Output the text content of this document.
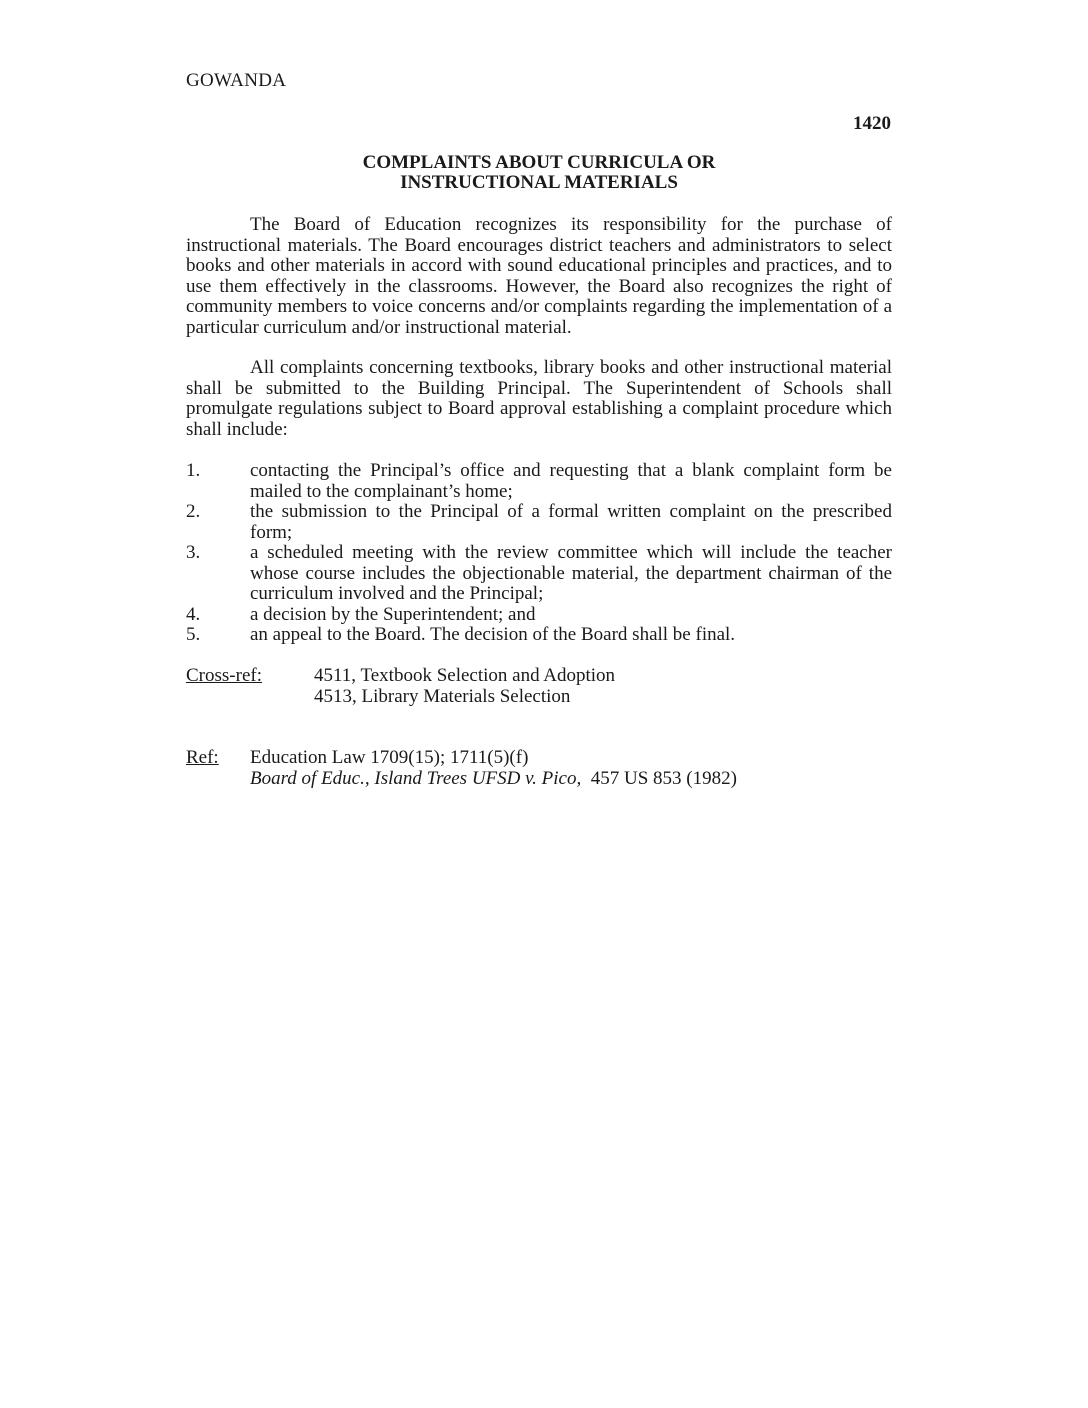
GOWANDA
1420
COMPLAINTS ABOUT CURRICULA OR
INSTRUCTIONAL MATERIALS

The Board of Education recognizes its responsibility for the purchase of instructional materials. The Board encourages district teachers and administrators to select books and other materials in accord with sound educational principles and practices, and to use them effectively in the classrooms. However, the Board also recognizes the right of community members to voice concerns and/or complaints regarding the implementation of a particular curriculum and/or instructional material.

All complaints concerning textbooks, library books and other instructional material shall be submitted to the Building Principal. The Superintendent of Schools shall promulgate regulations subject to Board approval establishing a complaint procedure which shall include:

1.	contacting the Principal’s office and requesting that a blank complaint form be mailed to the complainant’s home;
2.	the submission to the Principal of a formal written complaint on the prescribed form;
3.	a scheduled meeting with the review committee which will include the teacher whose course includes the objectionable material, the department chairman of the curriculum involved and the Principal;
4.	a decision by the Superintendent; and
5.	an appeal to the Board. The decision of the Board shall be final.
Cross-ref:	4511, Textbook Selection and Adoption
4513, Library Materials Selection
Ref:	Education Law 1709(15); 1711(5)(f)
Board of Educ., Island Trees UFSD v. Pico,  457 US 853 (1982)
